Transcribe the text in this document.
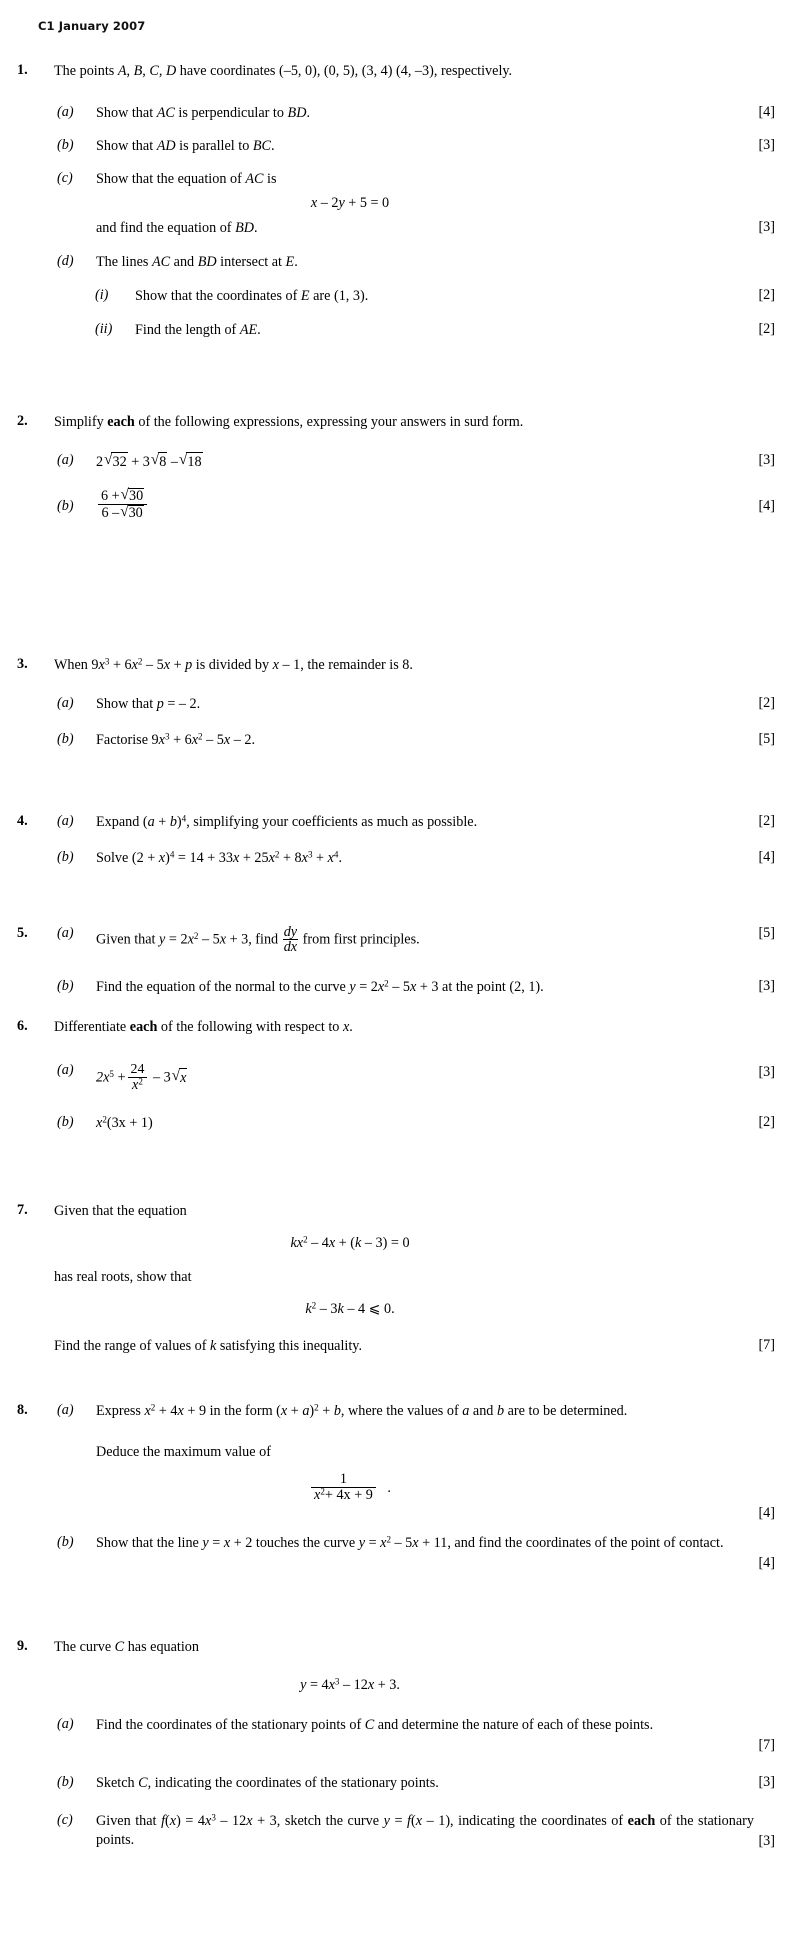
C1 January 2007
1.	The points A, B, C, D have coordinates (–5, 0), (0, 5), (3, 4) (4, –3), respectively.
(a)	Show that AC is perpendicular to BD.	[4]
(b)	Show that AD is parallel to BC.	[3]
(c)	Show that the equation of AC is
x – 2y + 5 = 0
and find the equation of BD.	[3]
(d)	The lines AC and BD intersect at E.
(i)	Show that the coordinates of E are (1, 3).	[2]
(ii)	Find the length of AE.	[2]
2.	Simplify each of the following expressions, expressing your answers in surd form.
(a)	2 √ 32 + 3 √ 8 – √ 18	[3]
(b)	$\frac{6 + √ 30}{6 - √ 30}$	[4]
3.	When $9x^3 + 6x^2 - 5x + p$ is divided by x – 1, the remainder is 8.
(a)	Show that p = – 2.	[2]
(b)	Factorise $9x^3 + 6x^2 - 5x - 2$.	[5]
4.	(a)	Expand $(a + b)^4$, simplifying your coefficients as much as possible.	[2]
(b)	Solve $(2 + x)^4 = 14 + 33x + 25x^2 + 8x^3 + x^4$.	[4]
5.	(a)	Given that $y = 2x^2 - 5x + 3$, find $\frac{dy}{dx}$ from first principles.	[5]
(b)	Find the equation of the normal to the curve $y = 2x^2 - 5x + 3$ at the point (2, 1).	[3]
6.	Differentiate each of the following with respect to x.
(a)	$2x^5 + \frac{24}{x^2} - 3$ √ x	[3]
(b)	$x^2(3x + 1)$	[2]
7.	Given that the equation
$kx^2 - 4x + (k - 3) = 0$
has real roots, show that
$k^2 - 3k - 4$ ⩽ 0.
Find the range of values of k satisfying this inequality.	[7]
8.	(a)	Express $x^2 + 4x + 9$ in the form $(x + a)^2 + b$, where the values of a and b are to be determined.
Deduce the maximum value of
$\frac{1}{x^2+ 4x + 9}$ .
[4]
(b)	Show that the line y = x + 2 touches the curve $y = x^2 - 5x + 11$, and find the coordinates of the point of contact.
[4]
9.	The curve C has equation
$y = 4x^3 - 12x + 3$.
(a)	Find the coordinates of the stationary points of C and determine the nature of each of these points.
[7]
(b)	Sketch C, indicating the coordinates of the stationary points.	[3]
(c)	Given that $f(x) = 4x^3 - 12x + 3$, sketch the curve y = f(x – 1), indicating the coordinates of each of the stationary points.	[3]
